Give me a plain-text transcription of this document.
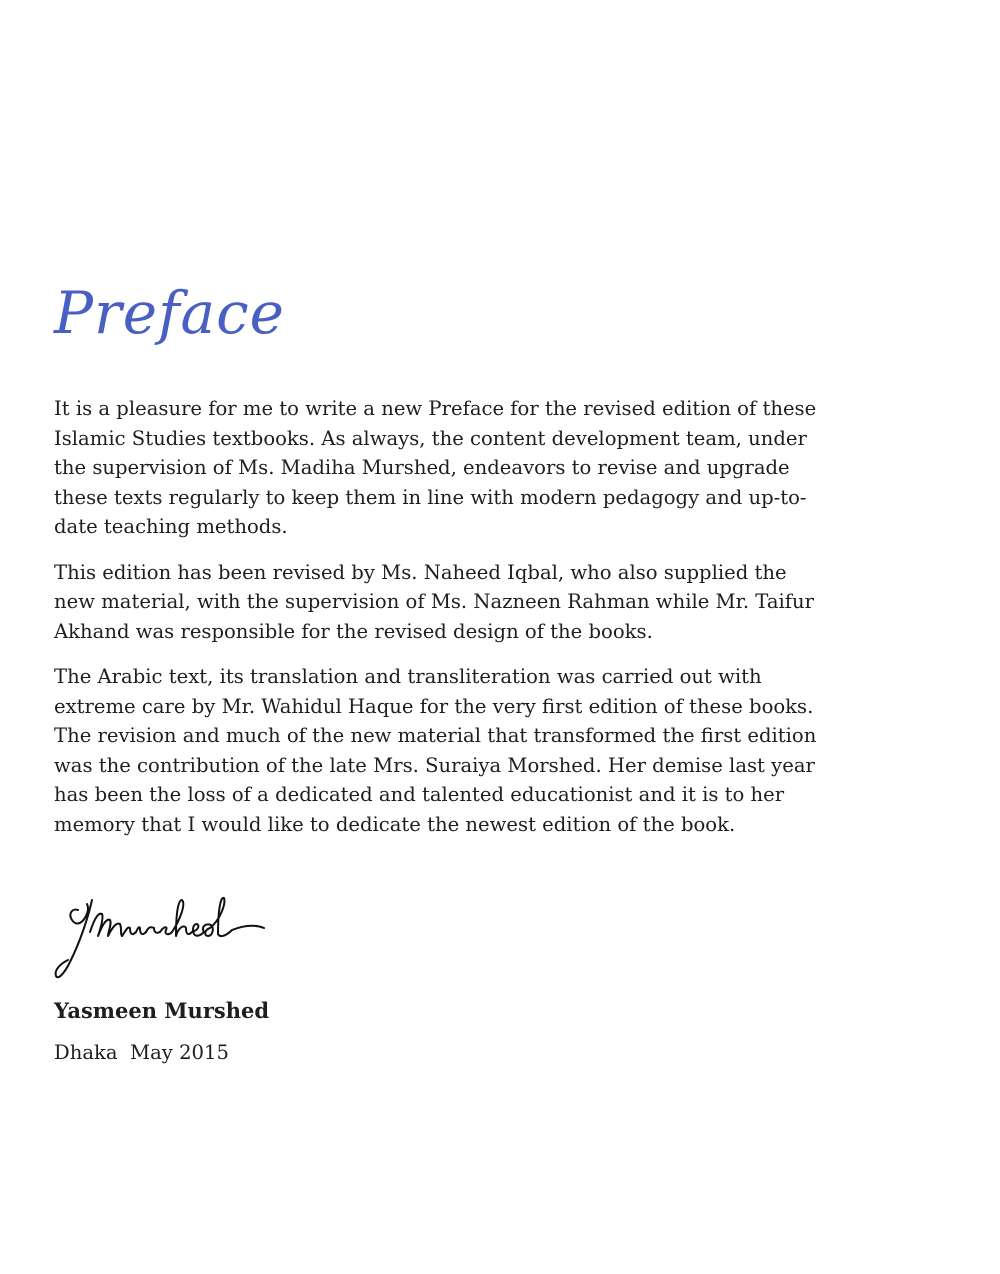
Preface

It is a pleasure for me to write a new Preface for the revised edition of these
Islamic Studies textbooks. As always, the content development team, under
the supervision of Ms. Madiha Murshed, endeavors to revise and upgrade
these texts regularly to keep them in line with modern pedagogy and up-to-
date teaching methods.

This edition has been revised by Ms. Naheed Iqbal, who also supplied the
new material, with the supervision of Ms. Nazneen Rahman while Mr. Taifur
Akhand was responsible for the revised design of the books.

The Arabic text, its translation and transliteration was carried out with
extreme care by Mr. Wahidul Haque for the very first edition of these books.
The revision and much of the new material that transformed the first edition
was the contribution of the late Mrs. Suraiya Morshed. Her demise last year
has been the loss of a dedicated and talented educationist and it is to her
memory that I would like to dedicate the newest edition of the book.

Yasmeen Murshed
Dhaka  May 2015
